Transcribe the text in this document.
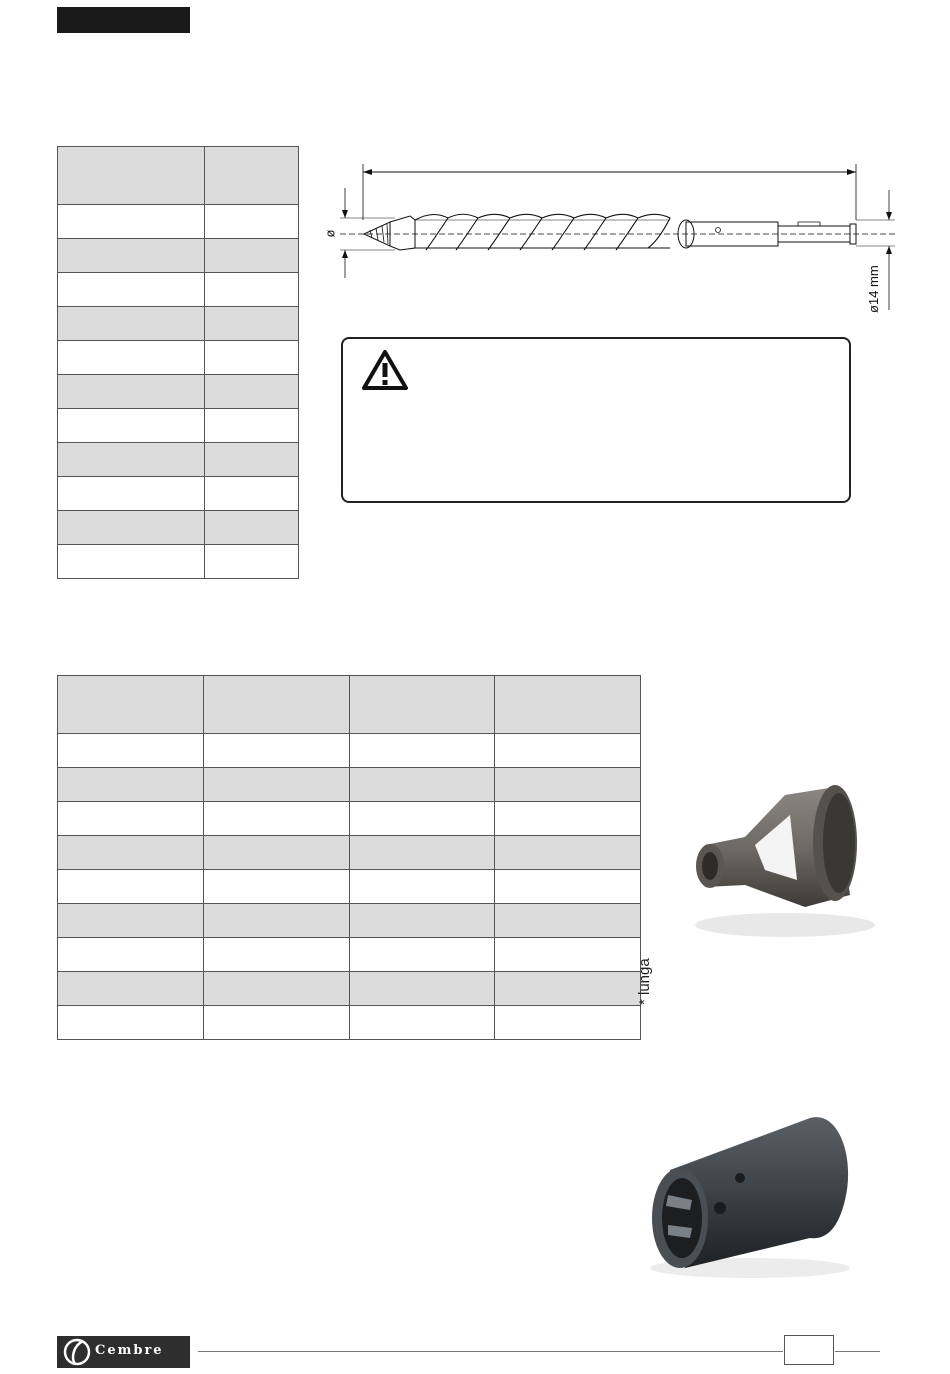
ø
ø14 mm

* lunga
Cembre
